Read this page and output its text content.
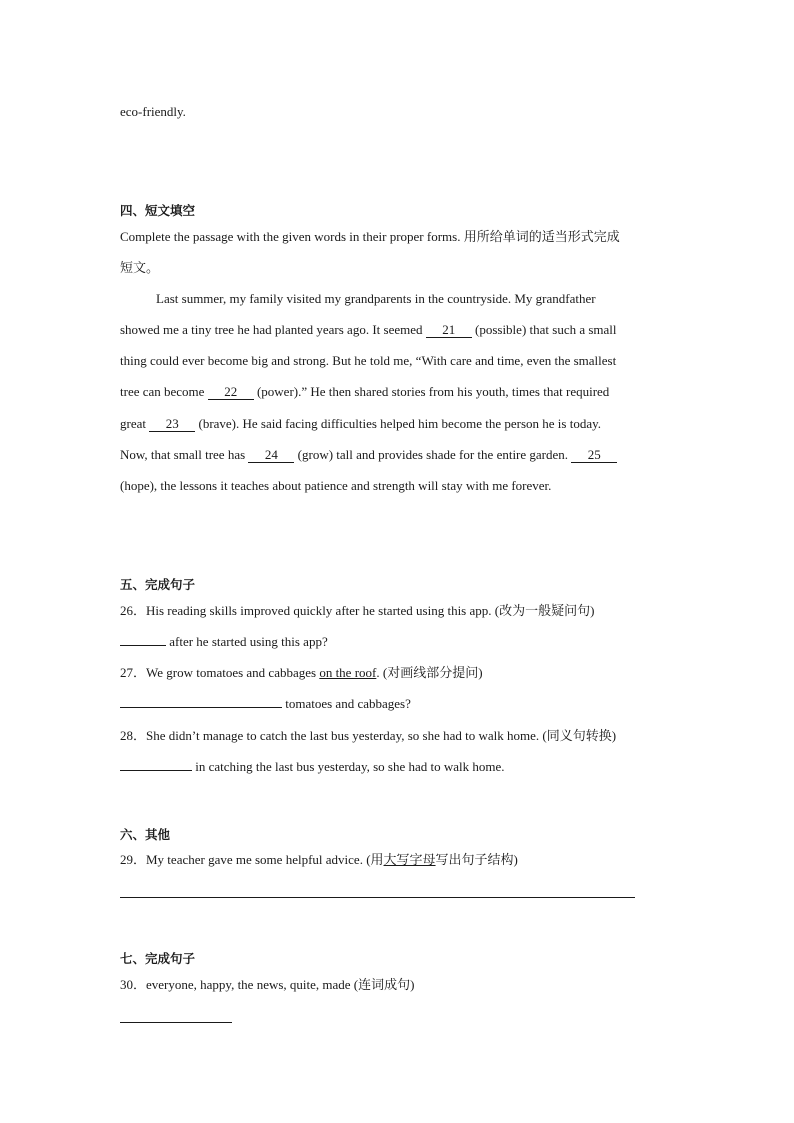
eco-friendly.
四、短文填空
Complete the passage with the given words in their proper forms. 用所给单词的适当形式完成
短文。
Last summer, my family visited my grandparents in the countryside. My grandfather
showed me a tiny tree he had planted years ago. It seemed 21 (possible) that such a small
thing could ever become big and strong. But he told me, “With care and time, even the smallest
tree can become 22 (power).” He then shared stories from his youth, times that required
great 23 (brave). He said facing difficulties helped him become the person he is today.
Now, that small tree has 24 (grow) tall and provides shade for the entire garden. 25
(hope), the lessons it teaches about patience and strength will stay with me forever.
五、完成句子
26．His reading skills improved quickly after he started using this app. (改为一般疑问句)
after he started using this app?
27．We grow tomatoes and cabbages on the roof. (对画线部分提问)
tomatoes and cabbages?
28．She didn’t manage to catch the last bus yesterday, so she had to walk home. (同义句转换)
in catching the last bus yesterday, so she had to walk home.
六、其他
29．My teacher gave me some helpful advice. (用大写字母写出句子结构)
七、完成句子
30．everyone, happy, the news, quite, made (连词成句)
